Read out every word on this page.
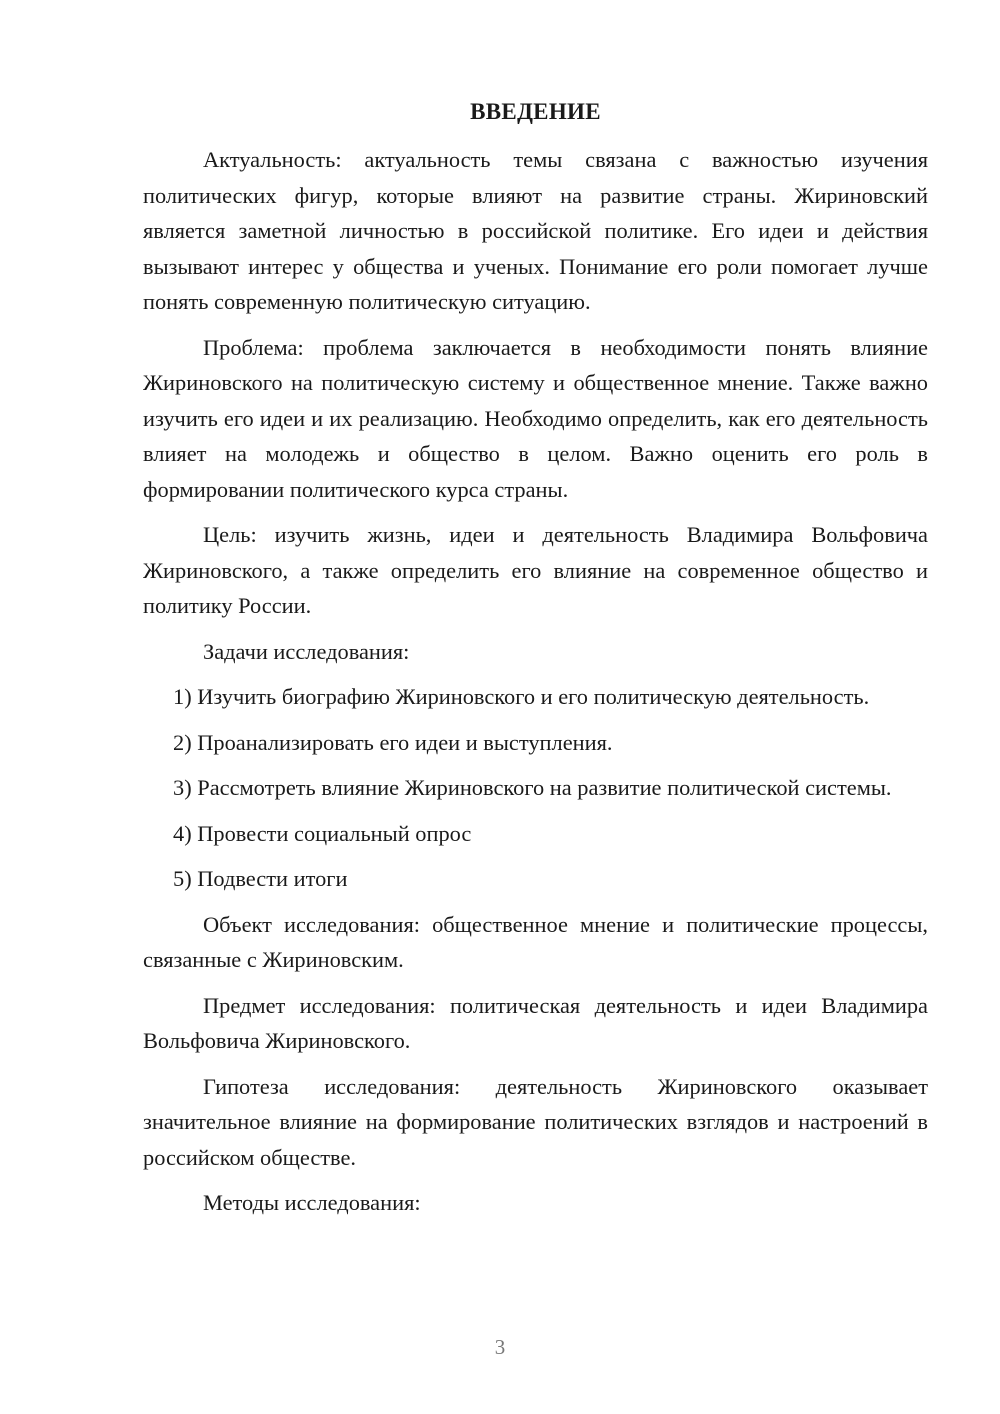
ВВЕДЕНИЕ

Актуальность: актуальность темы связана с важностью изучения политических фигур, которые влияют на развитие страны. Жириновский является заметной личностью в российской политике. Его идеи и действия вызывают интерес у общества и ученых. Понимание его роли помогает лучше понять современную политическую ситуацию.

Проблема: проблема заключается в необходимости понять влияние Жириновского на политическую систему и общественное мнение. Также важно изучить его идеи и их реализацию. Необходимо определить, как его деятельность влияет на молодежь и общество в целом. Важно оценить его роль в формировании политического курса страны.

Цель: изучить жизнь, идеи и деятельность Владимира Вольфовича Жириновского, а также определить его влияние на современное общество и политику России.

Задачи исследования:

1) Изучить биографию Жириновского и его политическую деятельность.

2) Проанализировать его идеи и выступления.

3) Рассмотреть влияние Жириновского на развитие политической системы.

4) Провести социальный опрос

5) Подвести итоги

Объект исследования: общественное мнение и политические процессы, связанные с Жириновским.

Предмет исследования: политическая деятельность и идеи Владимира Вольфовича Жириновского.

Гипотеза исследования: деятельность Жириновского оказывает значительное влияние на формирование политических взглядов и настроений в российском обществе.

Методы исследования:

3
